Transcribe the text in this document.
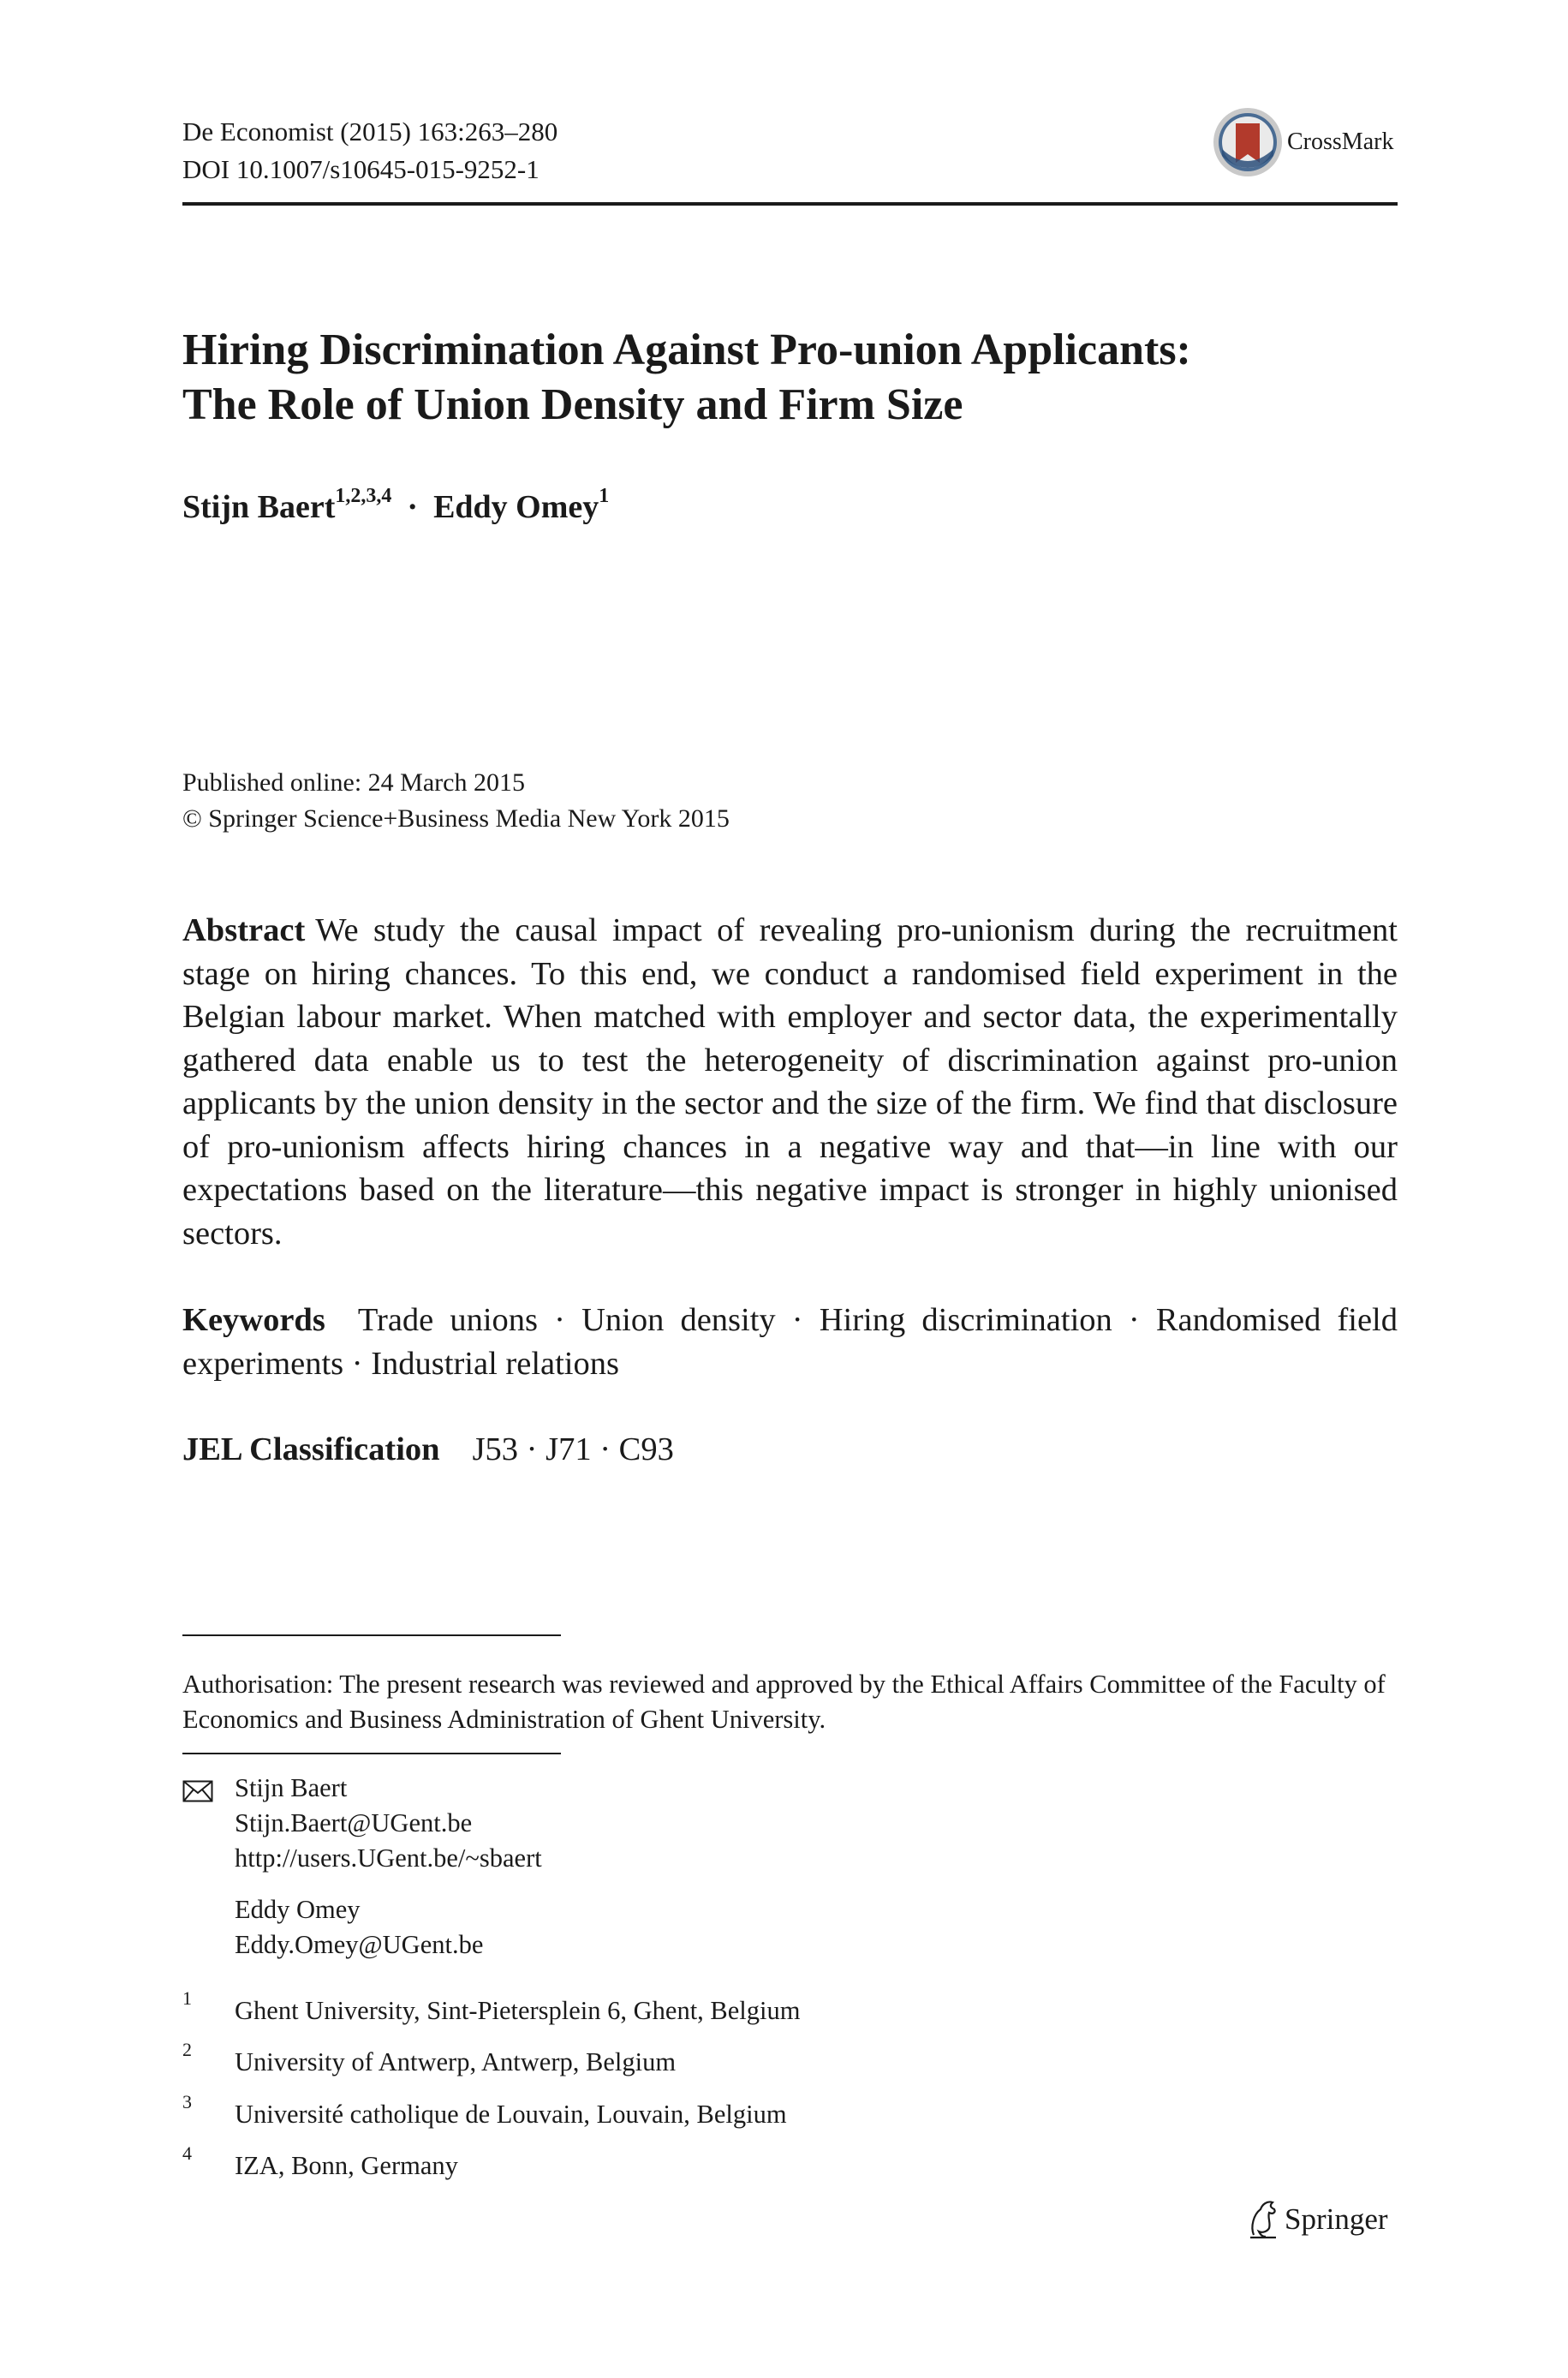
De Economist (2015) 163:263–280
DOI 10.1007/s10645-015-9252-1
CrossMark
Hiring Discrimination Against Pro-union Applicants:
The Role of Union Density and Firm Size
Stijn Baert$^{1,2,3,4}$ · Eddy Omey$^1$
Published online: 24 March 2015
© Springer Science+Business Media New York 2015
Abstract We study the causal impact of revealing pro-unionism during the recruitment stage on hiring chances. To this end, we conduct a randomised field experiment in the Belgian labour market. When matched with employer and sector data, the experimentally gathered data enable us to test the heterogeneity of discrimination against pro-union applicants by the union density in the sector and the size of the firm. We find that disclosure of pro-unionism affects hiring chances in a negative way and that—in line with our expectations based on the literature—this negative impact is stronger in highly unionised sectors.
Keywords Trade unions · Union density · Hiring discrimination · Randomised field experiments · Industrial relations
JEL Classification J53 · J71 · C93
Authorisation: The present research was reviewed and approved by the Ethical Affairs Committee of the Faculty of Economics and Business Administration of Ghent University.
Stijn Baert
Stijn.Baert@UGent.be
http://users.UGent.be/~sbaert
Eddy Omey
Eddy.Omey@UGent.be
1 Ghent University, Sint-Pietersplein 6, Ghent, Belgium
2 University of Antwerp, Antwerp, Belgium
3 Université catholique de Louvain, Louvain, Belgium
4 IZA, Bonn, Germany
Springer
